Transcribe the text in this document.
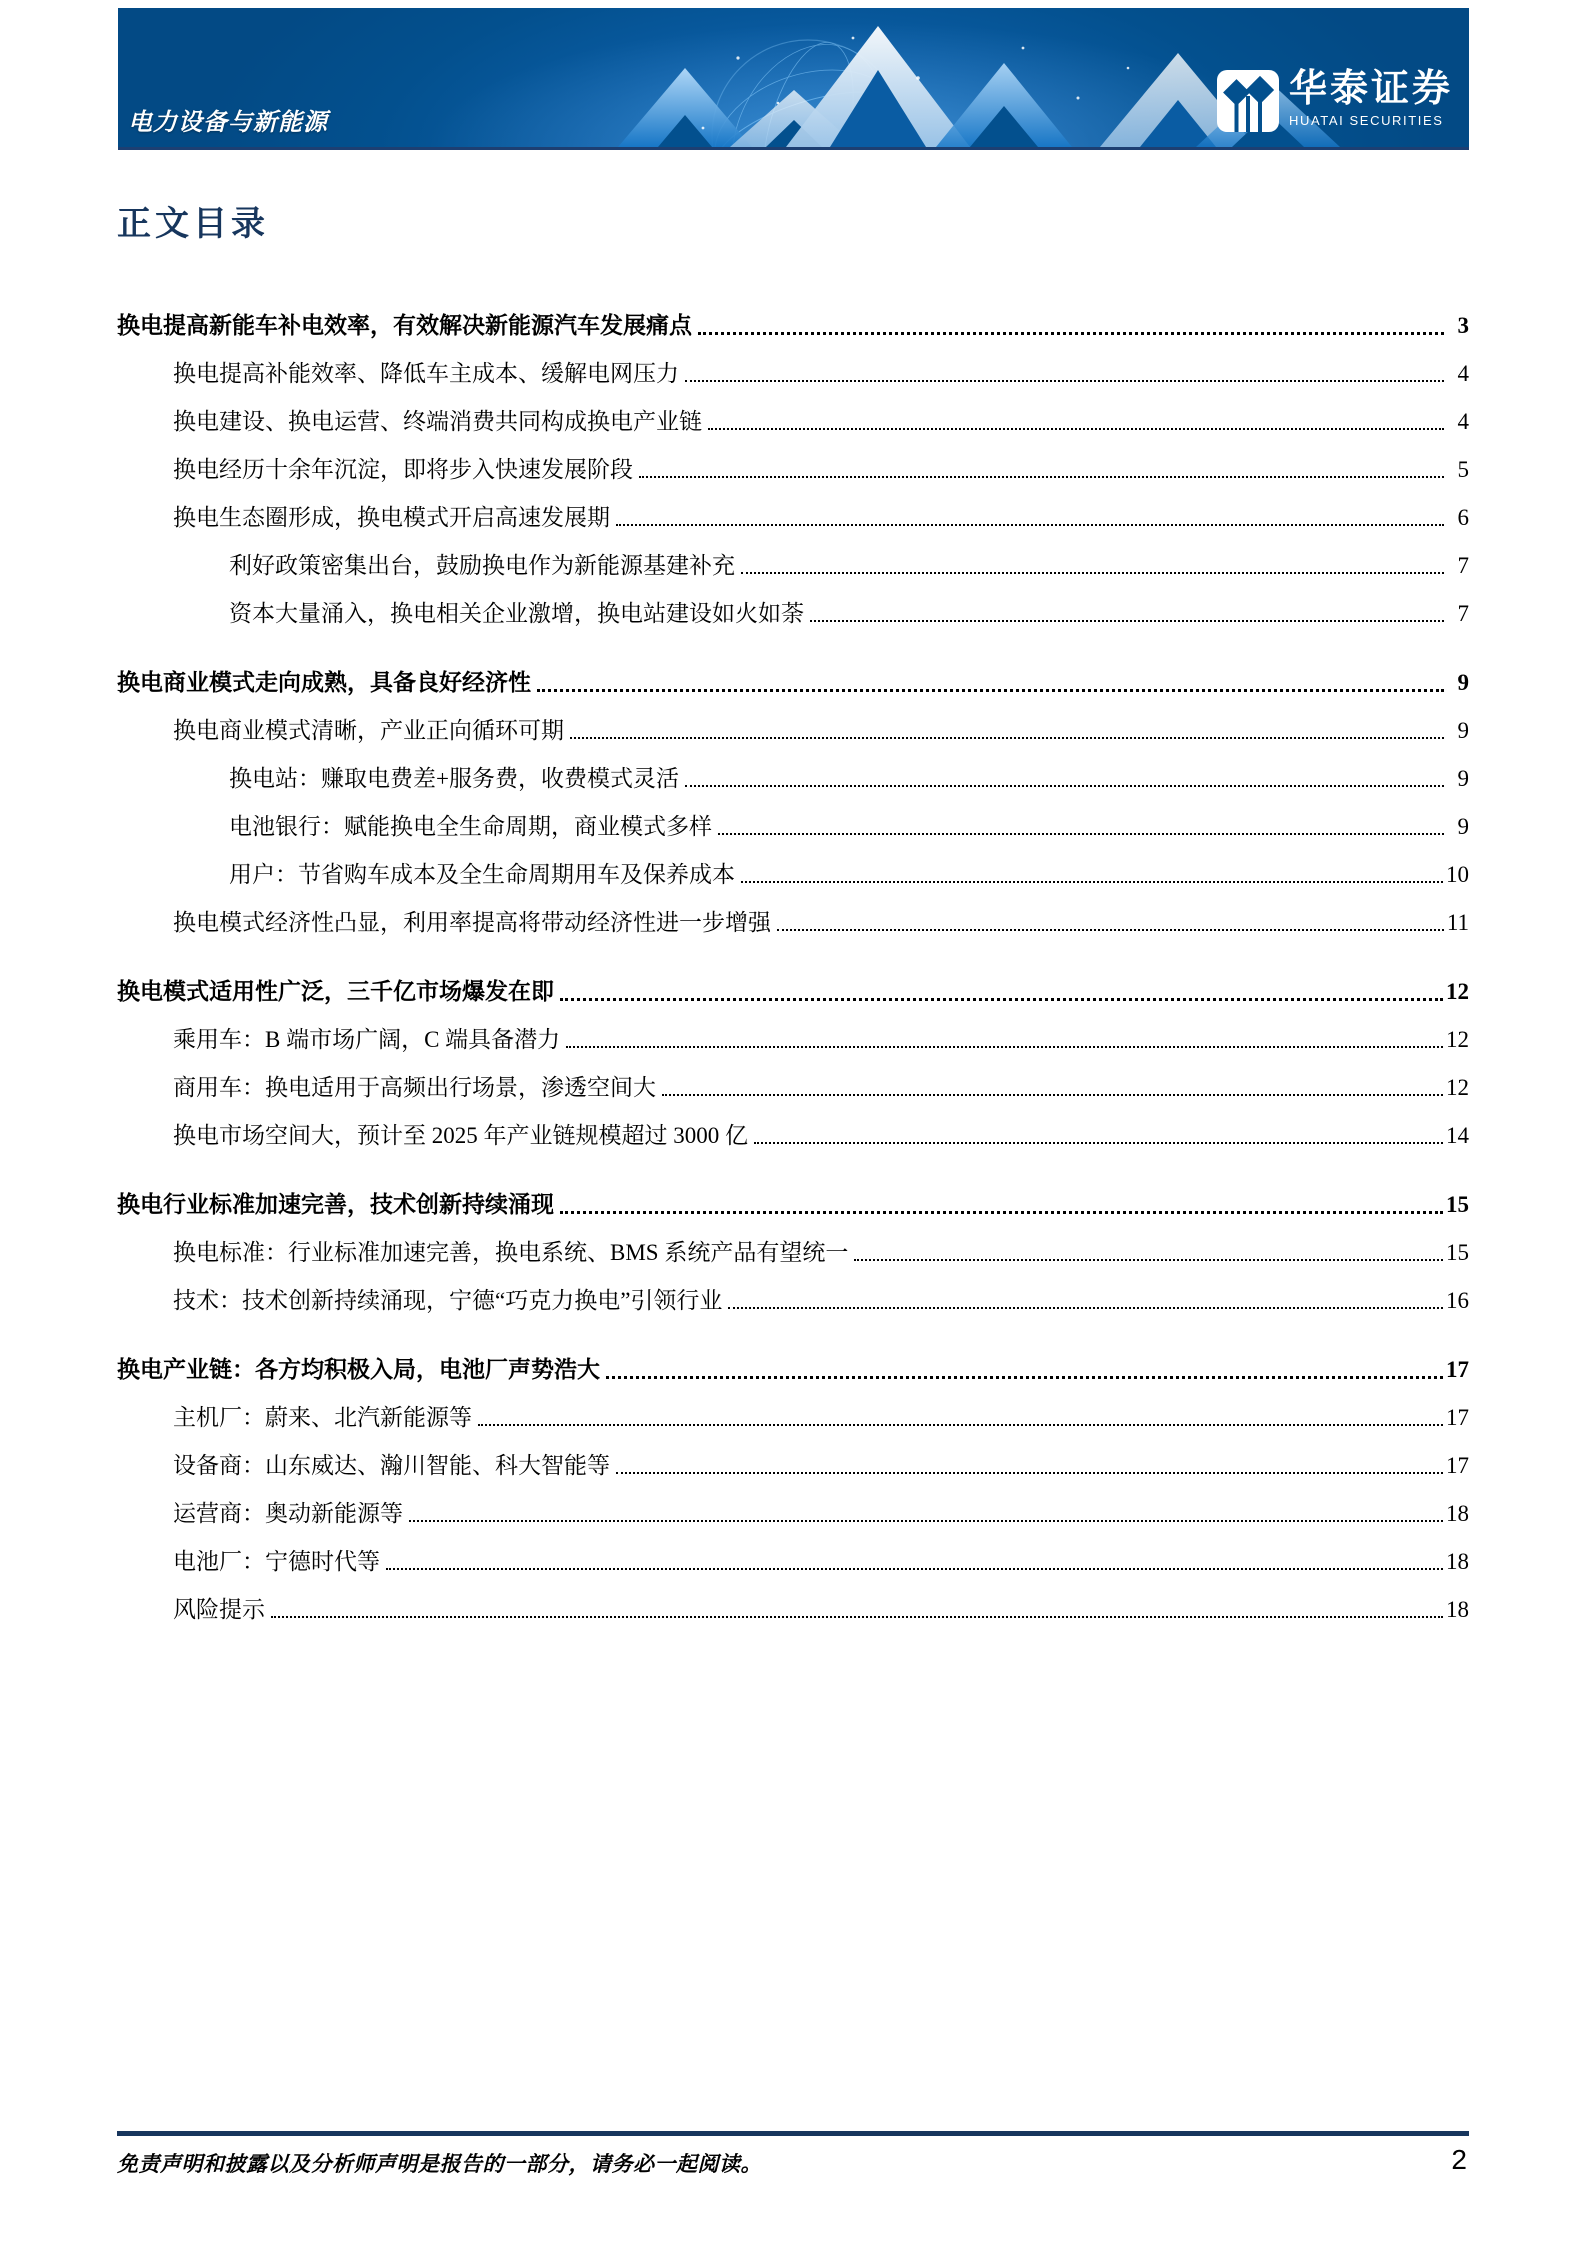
电力设备与新能源
华泰证券
HUATAI SECURITIES
正文目录
换电提高新能车补电效率，有效解决新能源汽车发展痛点	3
换电提高补能效率、降低车主成本、缓解电网压力	4
换电建设、换电运营、终端消费共同构成换电产业链	4
换电经历十余年沉淀，即将步入快速发展阶段	5
换电生态圈形成，换电模式开启高速发展期	6
利好政策密集出台，鼓励换电作为新能源基建补充	7
资本大量涌入，换电相关企业激增，换电站建设如火如荼	7
换电商业模式走向成熟，具备良好经济性	9
换电商业模式清晰，产业正向循环可期	9
换电站：赚取电费差+服务费，收费模式灵活	9
电池银行：赋能换电全生命周期，商业模式多样	9
用户：节省购车成本及全生命周期用车及保养成本	10
换电模式经济性凸显，利用率提高将带动经济性进一步增强	11
换电模式适用性广泛，三千亿市场爆发在即	12
乘用车：B 端市场广阔，C 端具备潜力	12
商用车：换电适用于高频出行场景，渗透空间大	12
换电市场空间大，预计至 2025 年产业链规模超过 3000 亿	14
换电行业标准加速完善，技术创新持续涌现	15
换电标准：行业标准加速完善，换电系统、BMS 系统产品有望统一	15
技术：技术创新持续涌现，宁德“巧克力换电”引领行业	16
换电产业链：各方均积极入局，电池厂声势浩大	17
主机厂：蔚来、北汽新能源等	17
设备商：山东威达、瀚川智能、科大智能等	17
运营商：奥动新能源等	18
电池厂：宁德时代等	18
风险提示	18
免责声明和披露以及分析师声明是报告的一部分，请务必一起阅读。	2
